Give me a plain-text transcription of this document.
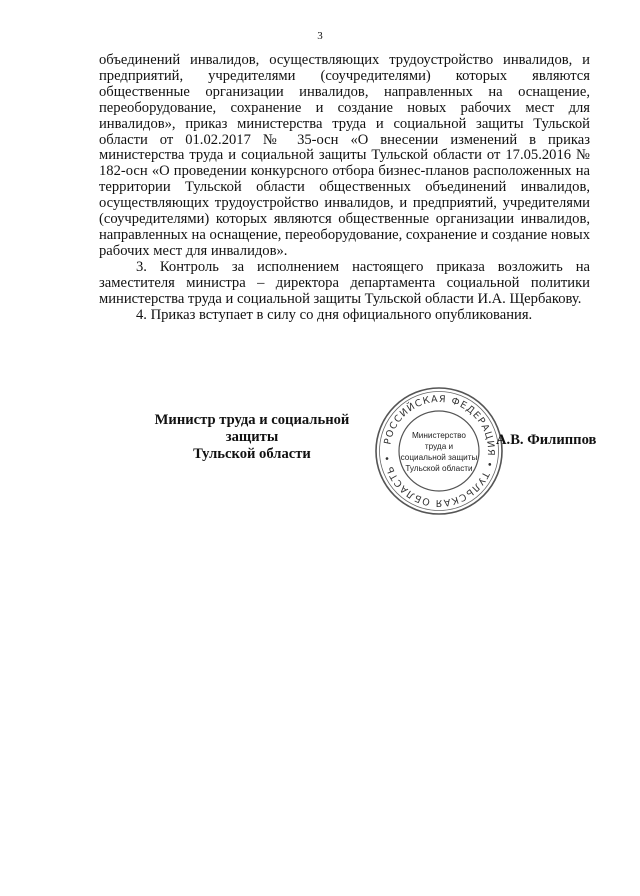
3

объединений инвалидов, осуществляющих трудоустройство инвалидов, и предприятий, учредителями (соучредителями) которых являются общественные организации инвалидов, направленных на оснащение, переоборудование, сохранение и создание новых рабочих мест для инвалидов», приказ министерства труда и социальной защиты Тульской области от 01.02.2017 № 35-осн «О внесении изменений в приказ министерства труда и социальной защиты Тульской области от 17.05.2016 № 182-осн «О проведении конкурсного отбора бизнес-планов расположенных на территории Тульской области общественных объединений инвалидов, осуществляющих трудоустройство инвалидов, и предприятий, учредителями (соучредителями) которых являются общественные организации инвалидов, направленных на оснащение, переоборудование, сохранение и создание новых рабочих мест для инвалидов».

3. Контроль за исполнением настоящего приказа возложить на заместителя министра – директора департамента социальной политики министерства труда и социальной защиты Тульской области И.А. Щербакову.

4. Приказ вступает в силу со дня официального опубликования.

Министр труда и социальной защиты
Тульской области
РОССИЙСКАЯ ФЕДЕРАЦИЯ • ТУЛЬСКАЯ ОБЛАСТЬ •
Министерство
труда и
социальной защиты
Тульской области
А.В. Филиппов
